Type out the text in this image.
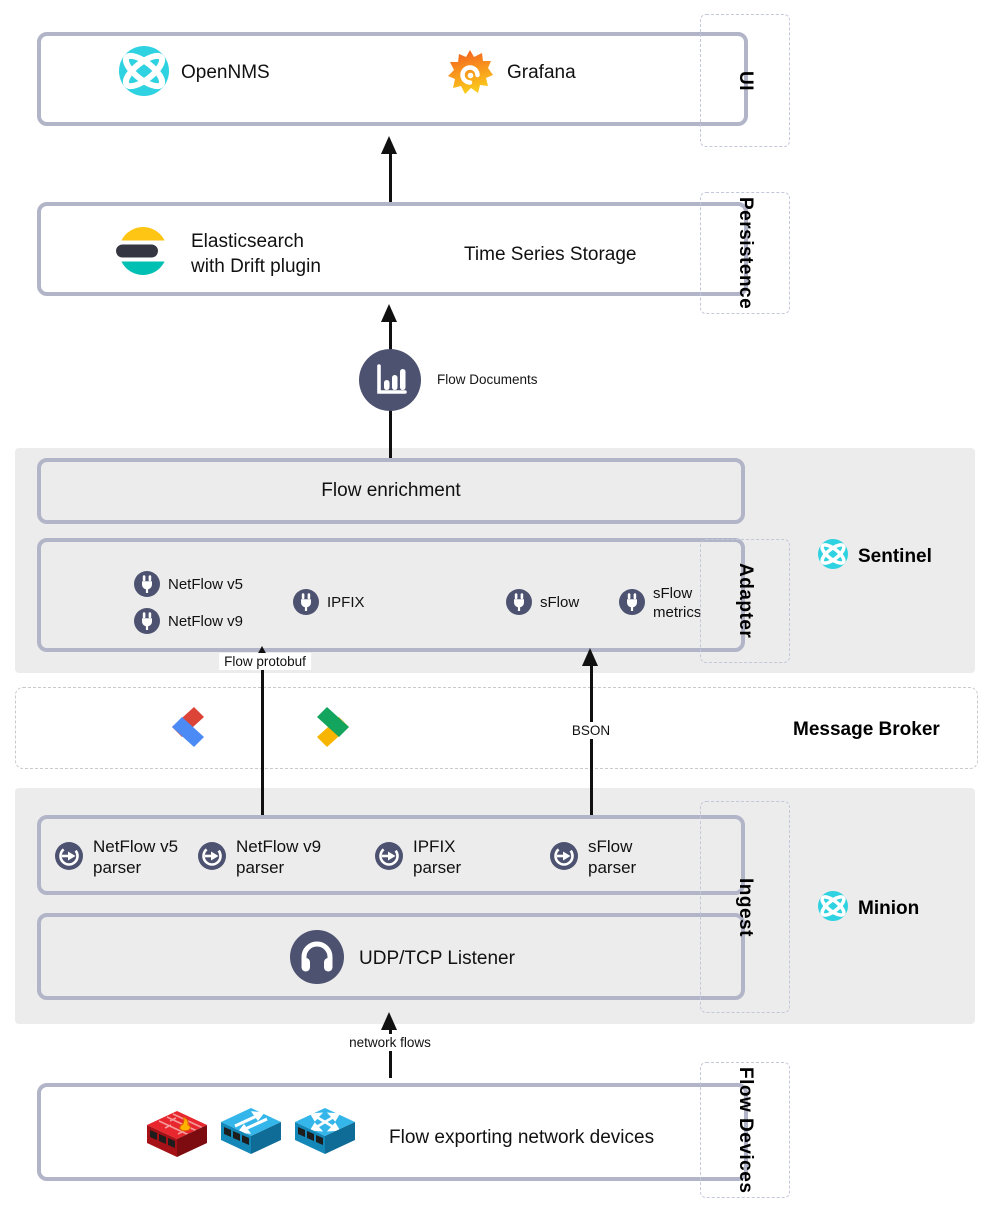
OpenNMS	Grafana
Elasticsearch
with Drift plugin
Time Series Storage
Flow Documents
Flow enrichment
NetFlow v5
NetFlow v9
IPFIX	sFlow
sFlow
metrics
Sentinel
Message Broker
Flow protobuf
BSON
NetFlow v5
parser
NetFlow v9
parser
IPFIX
parser
sFlow
parser
UDP/TCP Listener
Minion
network flows
Flow exporting network devices
UI
Persistence
Adapter
Ingest
Flow Devices
